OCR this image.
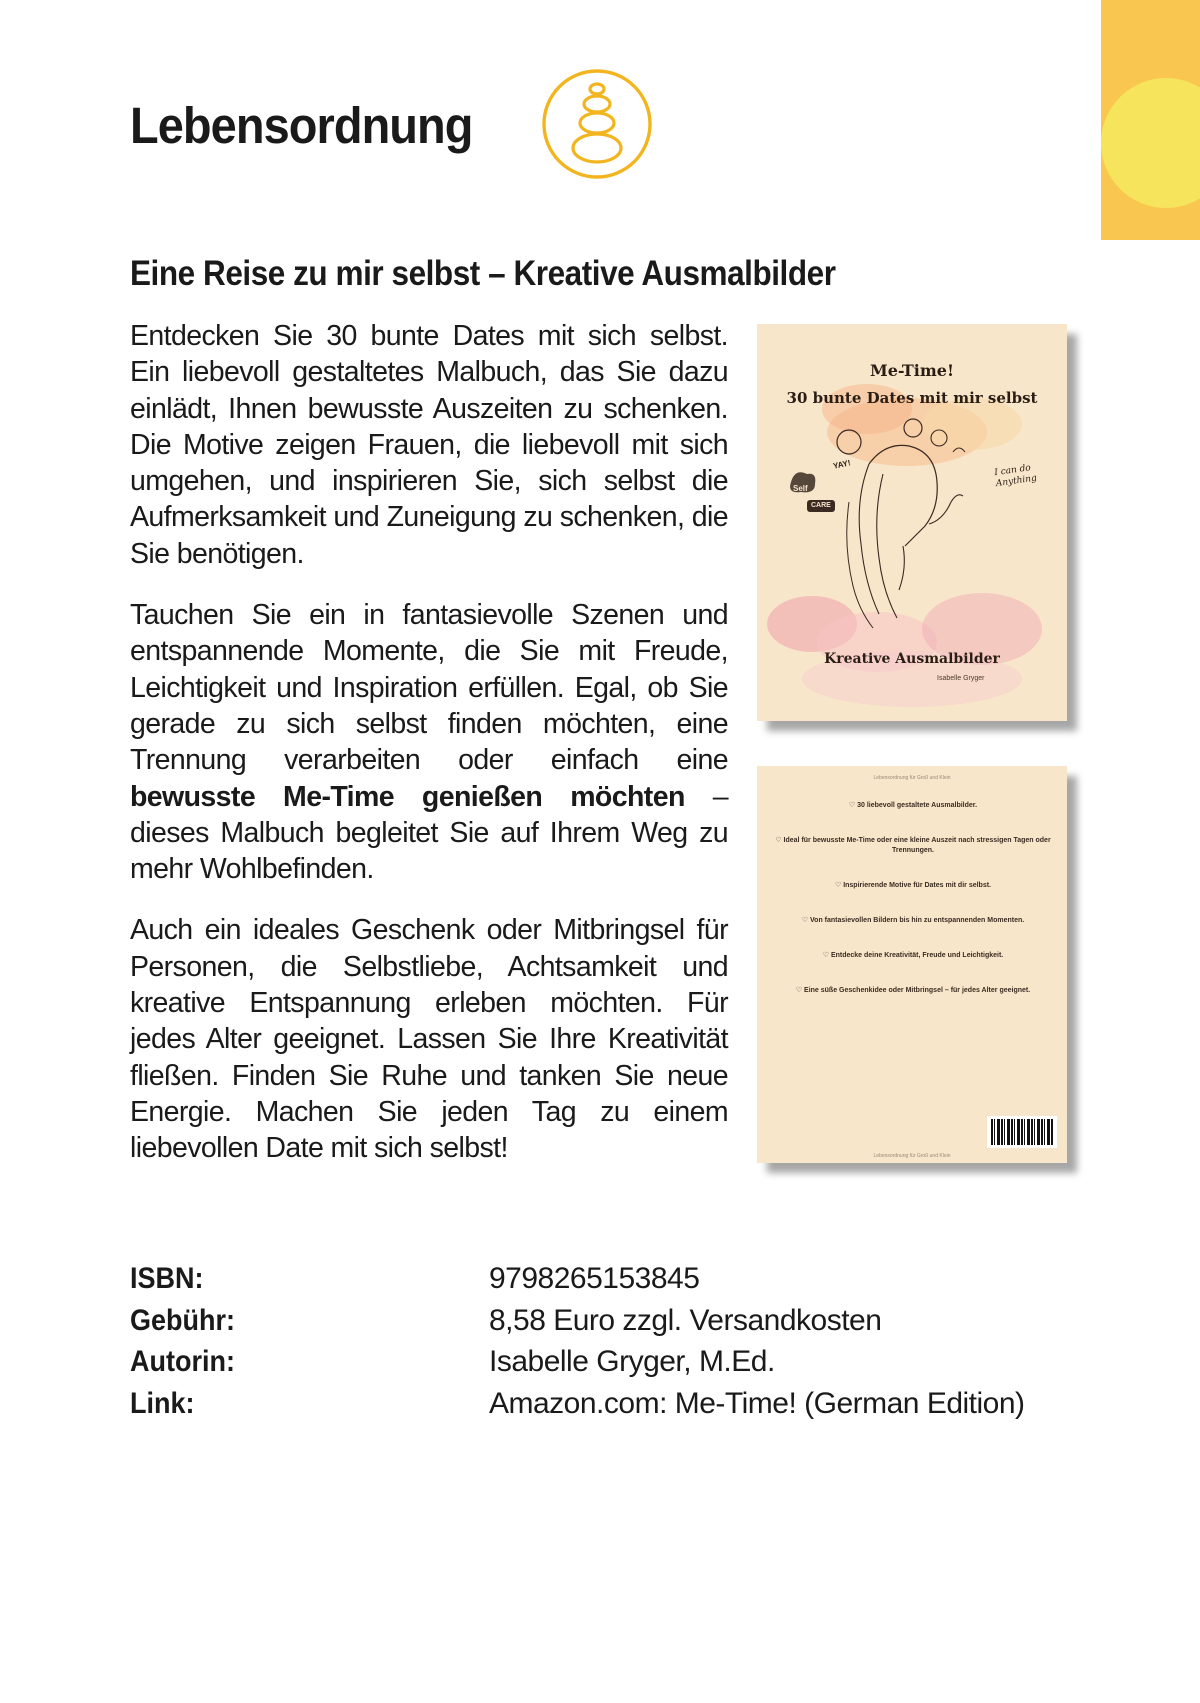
Lebensordnung
Eine Reise zu mir selbst – Kreative Ausmalbilder

Entdecken Sie 30 bunte Dates mit sich selbst. Ein liebevoll gestaltetes Malbuch, das Sie dazu einlädt, Ihnen bewusste Auszeiten zu schenken. Die Motive zeigen Frauen, die liebevoll mit sich umgehen, und inspirieren Sie, sich selbst die Aufmerksamkeit und Zuneigung zu schenken, die Sie benötigen.

Tauchen Sie ein in fantasievolle Szenen und entspannende Momente, die Sie mit Freude, Leichtigkeit und Inspiration erfüllen. Egal, ob Sie gerade zu sich selbst finden möchten, eine Trennung verarbeiten oder einfach eine bewusste Me-Time genießen möchten – dieses Malbuch begleitet Sie auf Ihrem Weg zu mehr Wohlbefinden.

Auch ein ideales Geschenk oder Mitbringsel für Personen, die Selbstliebe, Achtsamkeit und kreative Entspannung erleben möchten. Für jedes Alter geeignet. Lassen Sie Ihre Kreativität fließen. Finden Sie Ruhe und tanken Sie neue Energie. Machen Sie jeden Tag zu einem liebevollen Date mit sich selbst!

Me-Time!
30 bunte Dates mit mir selbst
YAY!
Self
CARE
I can do Anything
Kreative Ausmalbilder
Isabelle Gryger
Lebensordnung für Groß und Klein
♡ 30 liebevoll gestaltete Ausmalbilder.
♡ Ideal für bewusste Me-Time oder eine kleine Auszeit nach stressigen Tagen oder Trennungen.
♡ Inspirierende Motive für Dates mit dir selbst.
♡ Von fantasievollen Bildern bis hin zu entspannenden Momenten.
♡ Entdecke deine Kreativität, Freude und Leichtigkeit.
♡ Eine süße Geschenkidee oder Mitbringsel – für jedes Alter geeignet.
Lebensordnung für Groß und Klein
ISBN:	9798265153845
Gebühr:	8,58 Euro zzgl. Versandkosten
Autorin:	Isabelle Gryger, M.Ed.
Link:	Amazon.com: Me-Time! (German Edition)
